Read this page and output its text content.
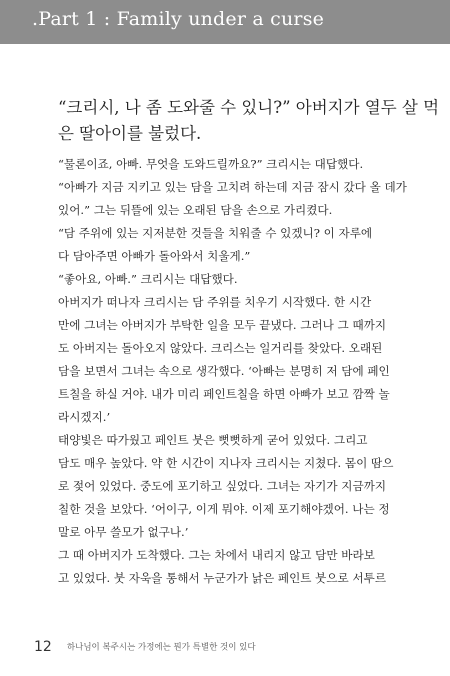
.Part 1 : Family under a curse

“크리시, 나 좀 도와줄 수 있니?” 아버지가 열두 살 먹
은 딸아이를 불렀다.

“물론이죠, 아빠. 무엇을 도와드릴까요?” 크리시는 대답했다.

“아빠가 지금 지키고 있는 담을 고치려 하는데 지금 잠시 갔다 올 데가
있어.” 그는 뒤뜰에 있는 오래된 담을 손으로 가리켰다.

“담 주위에 있는 지저분한 것들을 치워줄 수 있겠니? 이 자루에
다 담아주면 아빠가 돌아와서 치울게.”

“좋아요, 아빠.” 크리시는 대답했다.

아버지가 떠나자 크리시는 담 주위를 치우기 시작했다. 한 시간
만에 그녀는 아버지가 부탁한 일을 모두 끝냈다. 그러나 그 때까지
도 아버지는 돌아오지 않았다. 크리스는 일거리를 찾았다. 오래된
담을 보면서 그녀는 속으로 생각했다. ‘아빠는 분명히 저 담에 페인
트칠을 하실 거야. 내가 미리 페인트칠을 하면 아빠가 보고 깜짝 놀
라시겠지.’

태양빛은 따가웠고 페인트 붓은 뻣뻣하게 굳어 있었다. 그리고
담도 매우 높았다. 약 한 시간이 지나자 크리시는 지쳤다. 몸이 땀으
로 젖어 있었다. 중도에 포기하고 싶었다. 그녀는 자기가 지금까지
칠한 것을 보았다. ‘어이구, 이게 뭐야. 이제 포기해야겠어. 나는 정
말로 아무 쓸모가 없구나.’

그 때 아버지가 도착했다. 그는 차에서 내리지 않고 담만 바라보
고 있었다. 붓 자욱을 통해서 누군가가 낡은 페인트 붓으로 서투르

12 하나님이 복주시는 가정에는 뭔가 특별한 것이 있다
